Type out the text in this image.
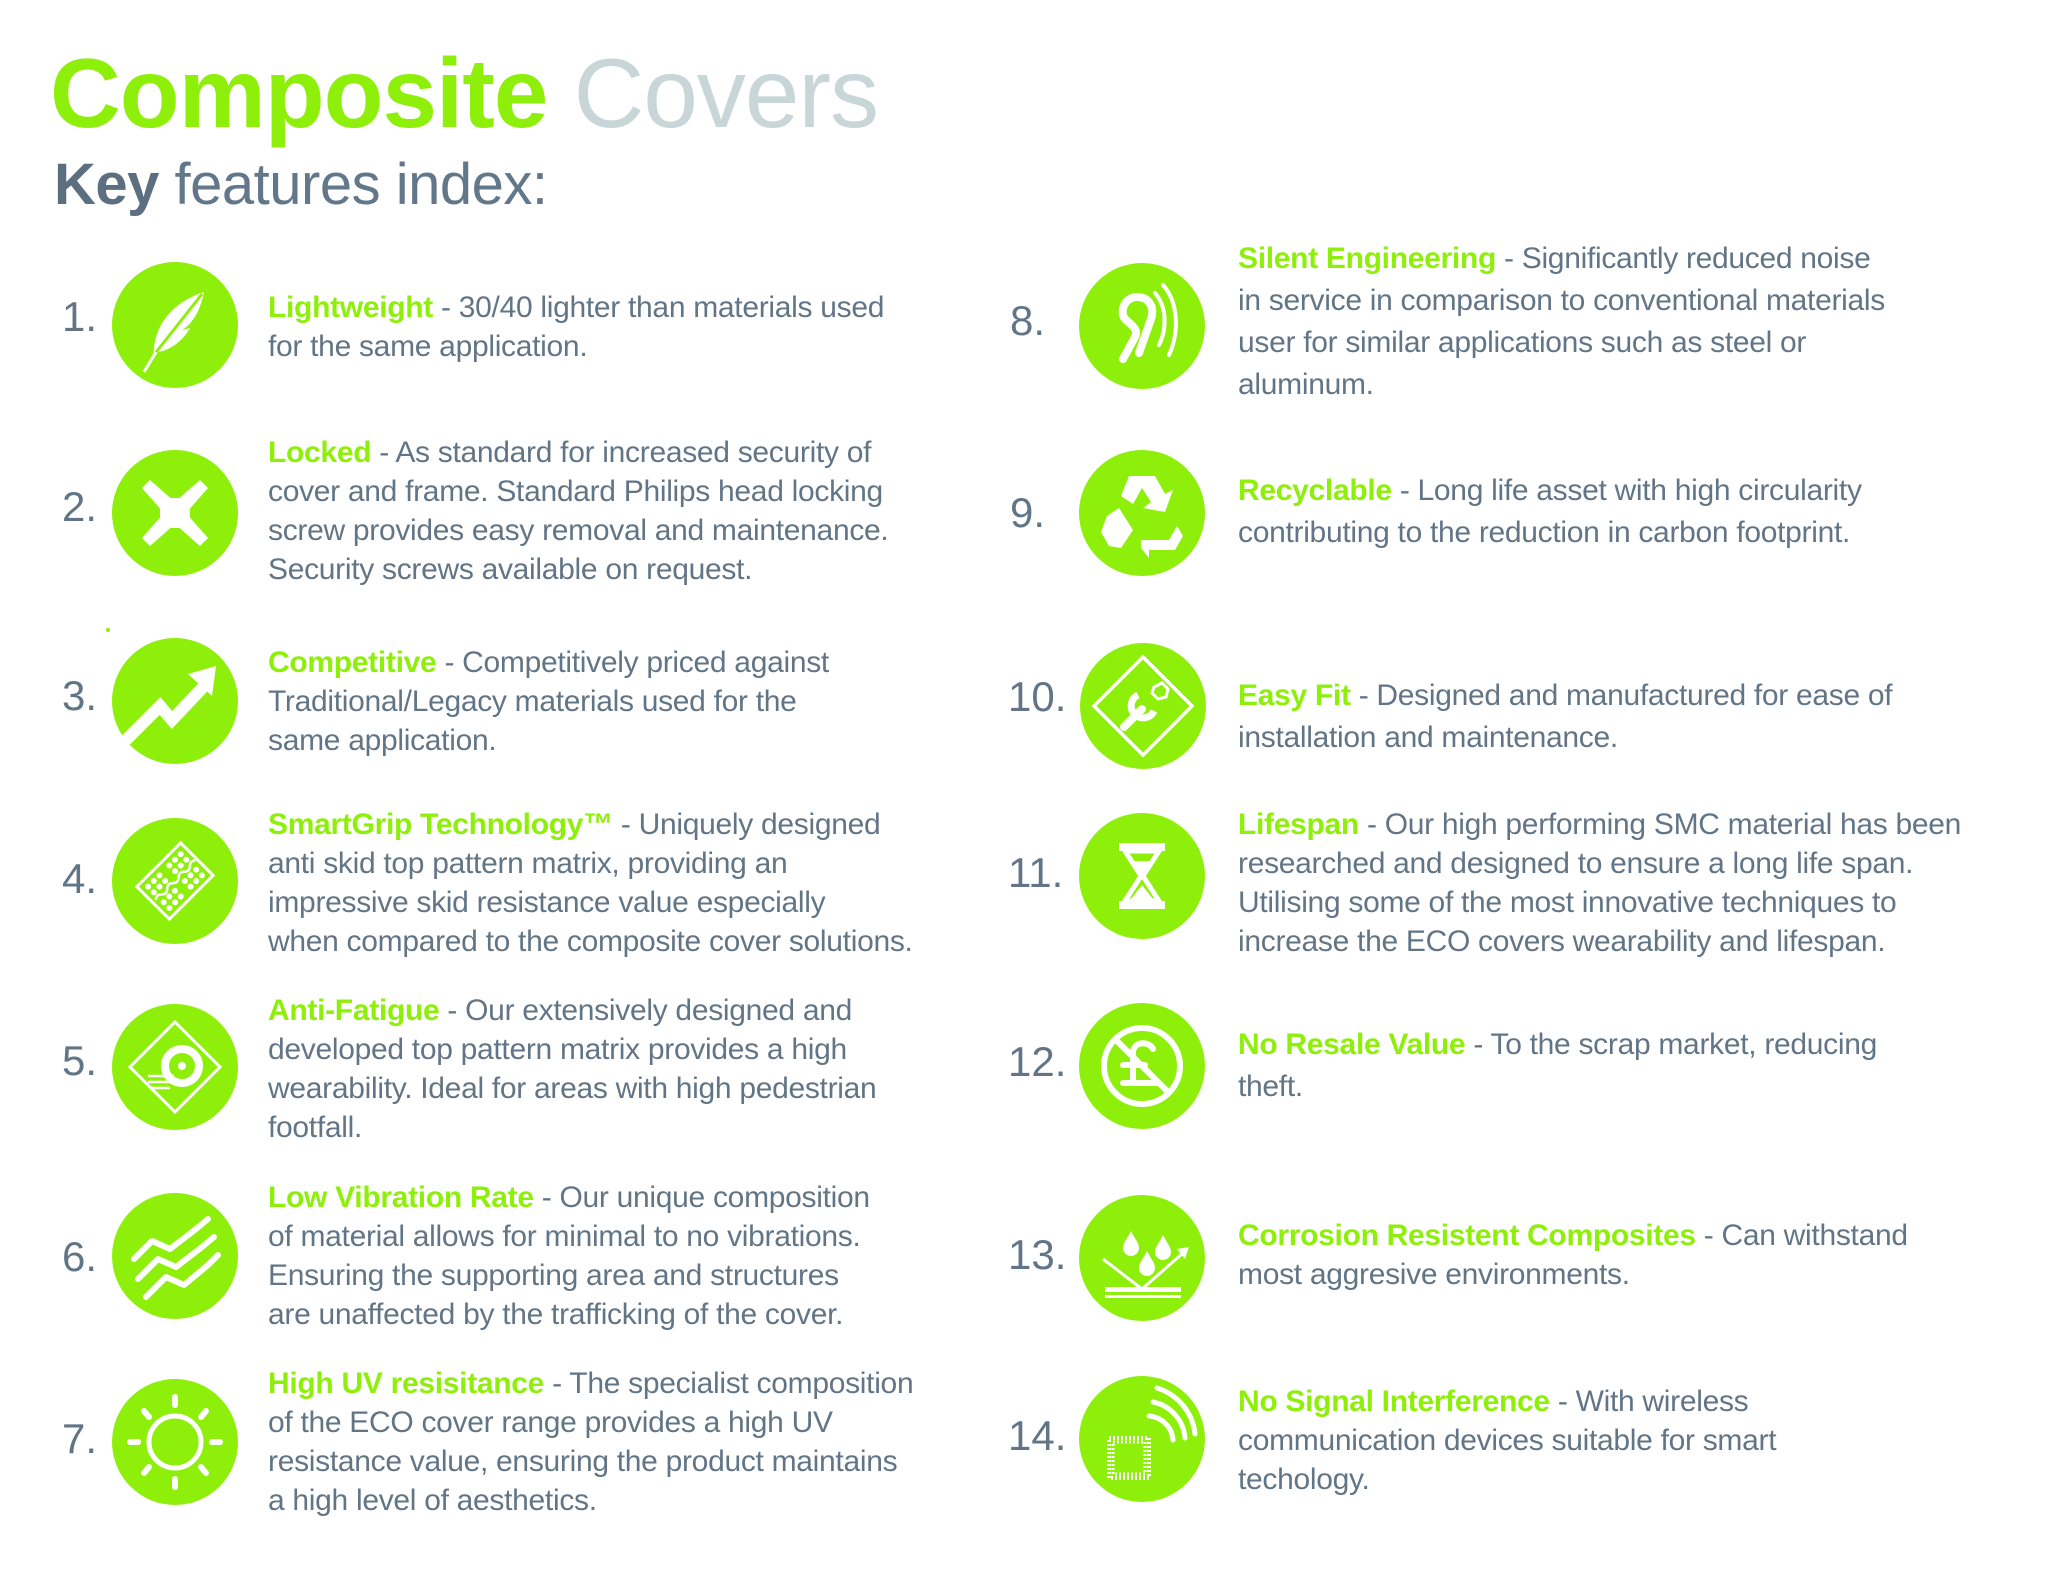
Composite Covers
Key features index:
1.	Lightweight - 30/40 lighter than materials used
for the same application.
2.
Locked - As standard for increased security of
cover and frame. Standard Philips head locking
screw provides easy removal and maintenance.
Security screws available on request.
3.
Competitive - Competitively priced against
Traditional/Legacy materials used for the
same application.
4.
SmartGrip Technology™ - Uniquely designed
anti skid top pattern matrix, providing an
impressive skid resistance value especially
when compared to the composite cover solutions.
5.
Anti-Fatigue - Our extensively designed and
developed top pattern matrix provides a high
wearability. Ideal for areas with high pedestrian
footfall.
6.
Low Vibration Rate - Our unique composition
of material allows for minimal to no vibrations.
Ensuring the supporting area and structures
are unaffected by the trafficking of the cover.
7.
High UV resisitance - The specialist composition
of the ECO cover range provides a high UV
resistance value, ensuring the product maintains
a high level of aesthetics.
8.
Silent Engineering - Significantly reduced noise
in service in comparison to conventional materials
user for similar applications such as steel or
aluminum.
9.	Recyclable - Long life asset with high circularity
contributing to the reduction in carbon footprint.
10.	Easy Fit - Designed and manufactured for ease of
installation and maintenance.
11.
Lifespan - Our high performing SMC material has been
researched and designed to ensure a long life span.
Utilising some of the most innovative techniques to
increase the ECO covers wearability and lifespan.
12.	No Resale Value - To the scrap market, reducing
theft.
13.	Corrosion Resistent Composites - Can withstand
most aggresive environments.
14.
No Signal Interference - With wireless
communication devices suitable for smart
techology.
